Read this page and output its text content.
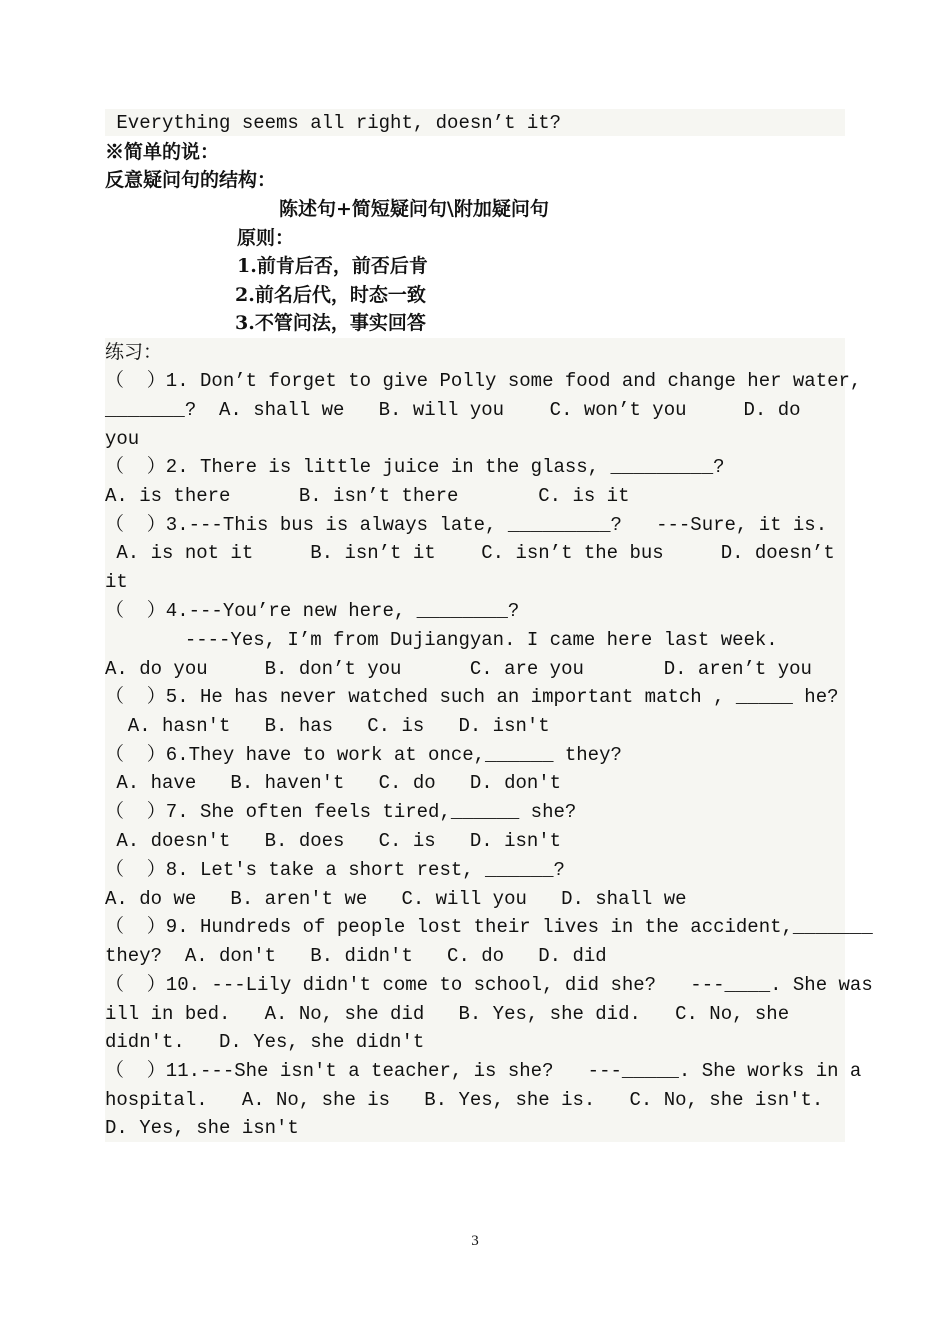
Everything seems all right, doesn’t it?
※简单的说：
反意疑问句的结构：
陈述句+简短疑问句\附加疑问句
原则：
1.前肯后否，前否后肯
2.前名后代，时态一致
3.不管问法，事实回答
练习：
（  ）1. Don’t forget to give Polly some food and change her water,
_______?  A. shall we   B. will you    C. won’t you     D. do
you
（  ）2. There is little juice in the glass, _________?
A. is there      B. isn’t there       C. is it
（  ）3.---This bus is always late, _________?   ---Sure, it is.
A. is not it     B. isn’t it    C. isn’t the bus     D. doesn’t
it
（  ）4.---You’re new here, ________?
----Yes, I’m from Dujiangyan. I came here last week.
A. do you     B. don’t you      C. are you       D. aren’t you
（  ）5. He has never watched such an important match , _____ he?
A. hasn't   B. has   C. is   D. isn't
（  ）6.They have to work at once,______ they?
A. have   B. haven't   C. do   D. don't
（  ）7. She often feels tired,______ she?
A. doesn't   B. does   C. is   D. isn't
（  ）8. Let's take a short rest, ______?
A. do we   B. aren't we   C. will you   D. shall we
（  ）9. Hundreds of people lost their lives in the accident,_______
they?  A. don't   B. didn't   C. do   D. did
（  ）10. ---Lily didn't come to school, did she?   ---____. She was
ill in bed.   A. No, she did   B. Yes, she did.   C. No, she
didn't.   D. Yes, she didn't
（  ）11.---She isn't a teacher, is she?   ---_____. She works in a
hospital.   A. No, she is   B. Yes, she is.   C. No, she isn't.
D. Yes, she isn't
3
